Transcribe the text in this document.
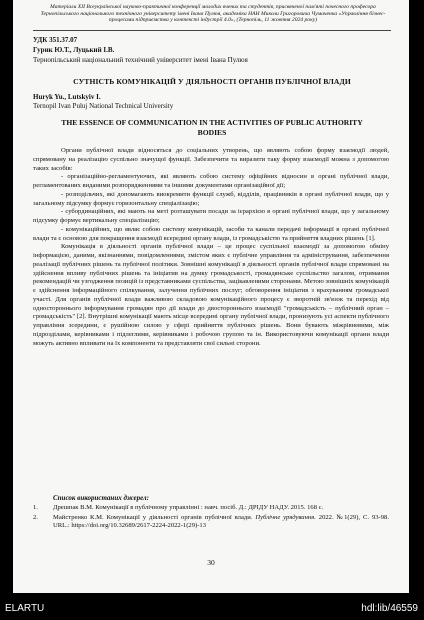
Матеріали XII Всеукраїнської науково-практичної конференції молодих вчених та студентів, присвяченої пам'яті почесного професора Тернопільського національного технічного університету імені Івана Пулюя, академіка НАН Миколи Григоровича Чумаченка «Управління бізнес-процесами підприємства у контексті індустрії 4.0», (Тернопіль, 11 жовтня 2024 року)

УДК 351.37.07

Гурик Ю.Т., Луцький І.В.

Тернопільський національний технічний університет імені Івана Пулюя

СУТНІСТЬ КОМУНІКАЦІЙ У ДІЯЛЬНОСТІ ОРГАНІВ ПУБЛІЧНОЇ ВЛАДИ

Huryk Yu., Lutskyiv I.

Ternopil Ivan Puluj National Technical University

THE ESSENCE OF COMMUNICATION IN THE ACTIVITIES OF PUBLIC AUTHORITY BODIES

Органи публічної влади відносяться до соціальних утворень, що являють собою форму взаємодії людей, спрямовану на реалізацію суспільно значущої функції. Забезпечити та виразити таку форму взаємодії можна з допомогою таких засобів:

- організаційно-регламентуючих, які являють собою систему офіційних відносин в органі публічної влади, регламентованих виданими розпорядженнями та іншими документами організаційної дії;

- розподільчих, які допомагають виокремити функції служб, відділів, працівників в органі публічної влади, що у загальному підсумку формує горизонтальну спеціалізацію;

- субординаційних, які мають на меті розташувати посади за ієрархією в органі публічної влади, що у загальному підсумку формує вертикальну спеціалізацію;

- комунікаційних, що являє собою систему комунікацій, засоби та канали передачі інформації в органі публічної влади та є основою для покращення взаємодії всередині органу влади, із громадськістю та прийняття владних рішень [1].

Комунікація в діяльності органів публічної влади – це процес суспільної взаємодії за допомогою обміну інформацією, даними, якізнаннями, повідомленнями, змістом яких є публічне управління та адміністрування, забезпечення реалізації публічних рішень та публічної політики. Зовнішні комунікації в діяльності органів публічної влади спрямовані на здійснення впливу публічних рішень та ініціатив на думку громадськості, громадянське суспільство загалом, отримання рекомендацій чи узгодження позицій із представниками суспільства, зацікавленими сторонами. Метою зовнішніх комунікацій є здійснення інформаційного спілкування, залучення публічних послуг; обговорення ініціатив з врахуванням громадської участі. Для органів публічної влади важливою складовою комунікаційного процесу є зворотній зв'язок та перехід від одностороннього інформування громадян про дії влади до двостороннього взаємодії "громадськість – публічний орган – громадськість" [2]. Внутрішні комунікації мають місце всередині органу публічної влади, пронизують усі аспекти публічного управління зсередини, є рушійною силою у сфері прийняття публічних рішень. Вони бувають міжрівневими, між підрозділами, керівниками і підлеглими, керівниками і робочою групою та ін. Використовуючи комунікації органи влади можуть активно впливати на їх компоненти та представляти свої сильні сторони.

Список використаних джерел:

1.	Дрешпак В.М. Комунікації в публічному управлінні : навч. посіб. Д.: ДРІДУ НАДУ. 2015. 168 с.
2.	Майстренко К.М. Комунікації у діяльності органів публічної влади. Публічне урядування. 2022. №1(29), С. 93-98. URL.: https://doi.org/10.32689/2617-2224-2022-1(29)-13

30

ELARTU	hdl:lib/46559
